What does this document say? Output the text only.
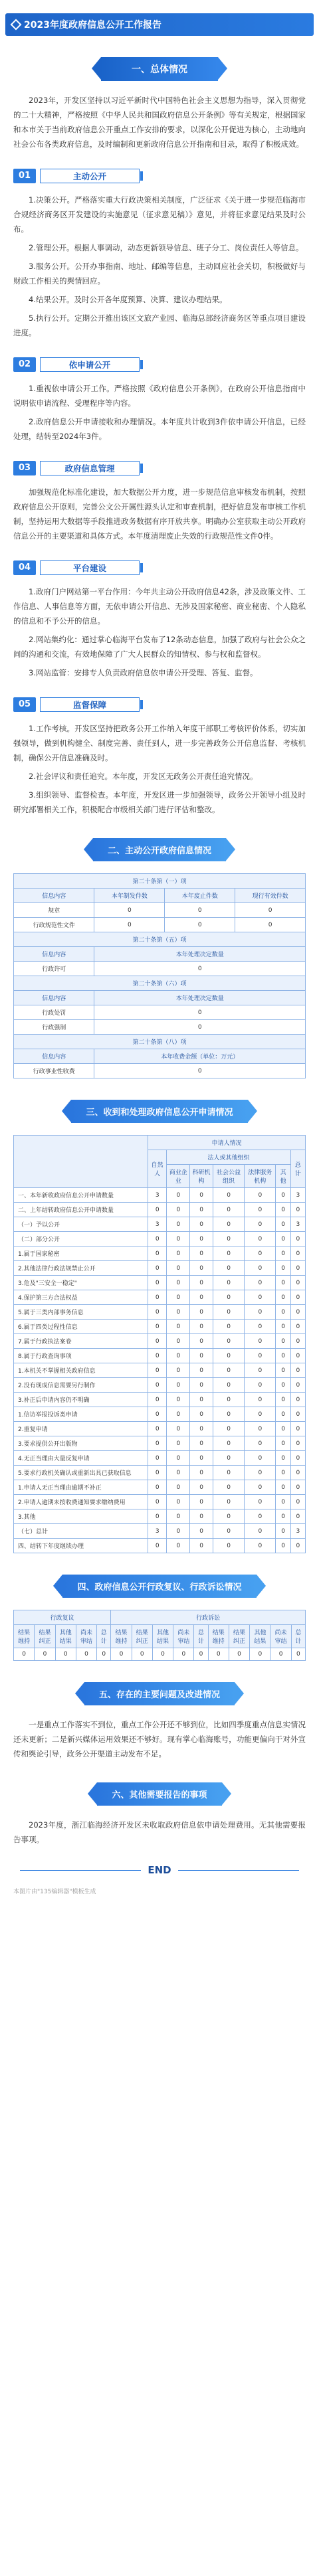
2023年度政府信息公开工作报告
一、总体情况

2023年，开发区坚持以习近平新时代中国特色社会主义思想为指导，深入贯彻党的二十大精神，严格按照《中华人民共和国政府信息公开条例》等有关规定，根据国家和本市关于当前政府信息公开重点工作安排的要求，以深化公开促进为核心，主动地向社会公布各类政府信息，及时编制和更新政府信息公开指南和目录，取得了积极成效。

01	主动公开

1.决策公开。严格落实重大行政决策相关制度，广泛征求《关于进一步规范临海市合规经济商务区开发建设的实施意见（征求意见稿）》意见，并将征求意见结果及时公布。

2.管理公开。根据人事调动，动态更新领导信息、班子分工、岗位责任人等信息。

3.服务公开。公开办事指南、地址、邮编等信息，主动回应社会关切，积极做好与财政工作相关的舆情回应。

4.结果公开。及时公开各年度预算、决算、建议办理结果。

5.执行公开。定期公开推出该区文旅产业园、临海总部经济商务区等重点项目建设进度。

02	依申请公开

1.重视依申请公开工作。严格按照《政府信息公开条例》，在政府公开信息指南中说明依申请流程、受理程序等内容。

2.政府信息公开申请接收和办理情况。本年度共计收到3件依申请公开信息，已经处理，结转至2024年3件。

03	政府信息管理

加强规范化标准化建设，加大数据公开力度，进一步规范信息审核发布机制，按照政府信息公开原则，完善公文公开属性源头认定和审查机制，把好信息发布审核工作机制，坚持运用大数据等手段推进政务数据有序开放共享。明确办公室获取主动公开政府信息公开的主要渠道和具体方式。本年度清理废止失效的行政规范性文件0件。

04	平台建设

1.政府门户网站第一平台作用：今年共主动公开政府信息42条，涉及政策文件、工作信息、人事信息等方面，无依申请公开信息、无涉及国家秘密、商业秘密、个人隐私的信息和不予公开的信息。

2.网站集约化：通过掌心临海平台发布了12条动态信息，加强了政府与社会公众之间的沟通和交流，有效地保障了广大人民群众的知情权、参与权和监督权。

3.网站监管：安排专人负责政府信息依申请公开受理、答复、监督。

05	监督保障

1.工作考核。开发区坚持把政务公开工作纳入年度干部职工考核评价体系，切实加强领导，做到机构健全、制度完善、责任到人，进一步完善政务公开信息监督、考核机制，确保公开信息准确及时。

2.社会评议和责任追究。本年度，开发区无政务公开责任追究情况。

3.组织领导、监督检查。本年度，开发区进一步加强领导，政务公开领导小组及时研究部署相关工作，积极配合市级相关部门进行评估和整改。

二、主动公开政府信息情况
第二十条第（一）项			
信息内容	本年制发件数	本年废止件数	现行有效件数
规章	0	0	0
行政规范性文件	0	0	0
第二十条第（五）项			
信息内容	本年处理决定数量		
行政许可	0		
第二十条第（六）项			
信息内容	本年处理决定数量		
行政处罚	0		
行政强制	0		
第二十条第（八）项			
信息内容	本年收费金额（单位：万元）		
行政事业性收费	0		
三、收到和处理政府信息公开申请情况
	申请人情况						
	自然人	法人或其他组织					总计
		商业企业	科研机构	社会公益组织	法律服务机构	其他	
一、本年新收政府信息公开申请数量	3	0	0	0	0	0	3
二、上年结转政府信息公开申请数量	0	0	0	0	0	0	0
（一）予以公开	3	0	0	0	0	0	3
（二）部分公开	0	0	0	0	0	0	0
1.属于国家秘密	0	0	0	0	0	0	0
2.其他法律行政法规禁止公开	0	0	0	0	0	0	0
3.危及"三安全一稳定"	0	0	0	0	0	0	0
4.保护第三方合法权益	0	0	0	0	0	0	0
5.属于三类内部事务信息	0	0	0	0	0	0	0
6.属于四类过程性信息	0	0	0	0	0	0	0
7.属于行政执法案卷	0	0	0	0	0	0	0
8.属于行政查询事项	0	0	0	0	0	0	0
1.本机关不掌握相关政府信息	0	0	0	0	0	0	0
2.没有现成信息需要另行制作	0	0	0	0	0	0	0
3.补正后申请内容仍不明确	0	0	0	0	0	0	0
1.信访举报投诉类申请	0	0	0	0	0	0	0
2.重复申请	0	0	0	0	0	0	0
3.要求提供公开出版物	0	0	0	0	0	0	0
4.无正当理由大量反复申请	0	0	0	0	0	0	0
5.要求行政机关确认或重新出具已获取信息	0	0	0	0	0	0	0
1.申请人无正当理由逾期不补正	0	0	0	0	0	0	0
2.申请人逾期未按收费通知要求缴纳费用	0	0	0	0	0	0	0
3.其他	0	0	0	0	0	0	0
（七）总计	3	0	0	0	0	0	3
四、结转下年度继续办理	0	0	0	0	0	0	0
四、政府信息公开行政复议、行政诉讼情况
行政复议					行政诉讼									
结果维持	结果纠正	其他结果	尚未审结	总计	结果维持	结果纠正	其他结果	尚未审结	总计	结果维持	结果纠正	其他结果	尚未审结	总计
0	0	0	0	0	0	0	0	0	0	0	0	0	0	0
五、存在的主要问题及改进情况

一是重点工作落实不到位，重点工作公开还不够到位，比如四季度重点信息实情况还未更新；二是新兴媒体运用效果还不够好。现有掌心临海账号，功能更偏向于对外宣传和舆论引导，政务公开渠道主动发布不足。

六、其他需要报告的事项

2023年度，浙江临海经济开发区未收取政府信息依申请处理费用。无其他需要报告事项。

END
本图片由"135编辑器"模板生成
